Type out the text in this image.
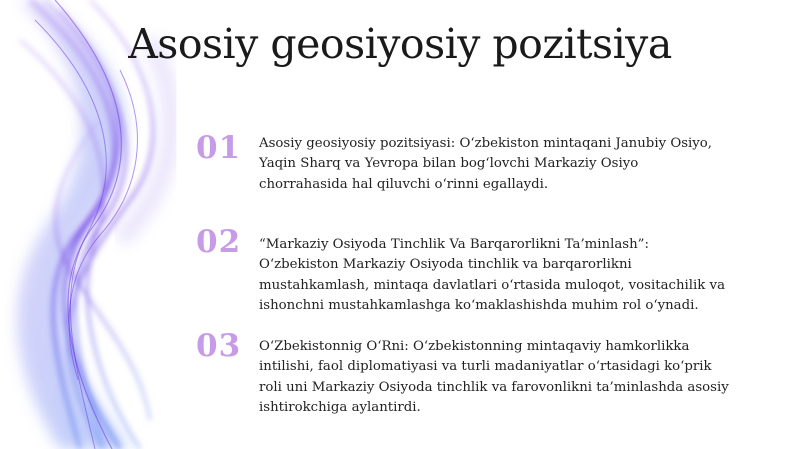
Asosiy geosiyosiy pozitsiya
01 Asosiy geosiyosiy pozitsiyasi: O‘zbekiston mintaqani Janubiy Osiyo, Yaqin Sharq va Yevropa bilan bog‘lovchi Markaziy Osiyo chorrahasida hal qiluvchi o‘rinni egallaydi.
02 “Markaziy Osiyoda Tinchlik Va Barqarorlikni Ta’minlash”: O‘zbekiston Markaziy Osiyoda tinchlik va barqarorlikni mustahkamlash, mintaqa davlatlari o‘rtasida muloqot, vositachilik va ishonchni mustahkamlashga ko‘maklashishda muhim rol o‘ynadi.
03 O‘Zbekistonnig O‘Rni: O‘zbekistonning mintaqaviy hamkorlikka intilishi, faol diplomatiyasi va turli madaniyatlar o‘rtasidagi ko‘prik roli uni Markaziy Osiyoda tinchlik va farovonlikni ta’minlashda asosiy ishtirokchiga aylantirdi.
